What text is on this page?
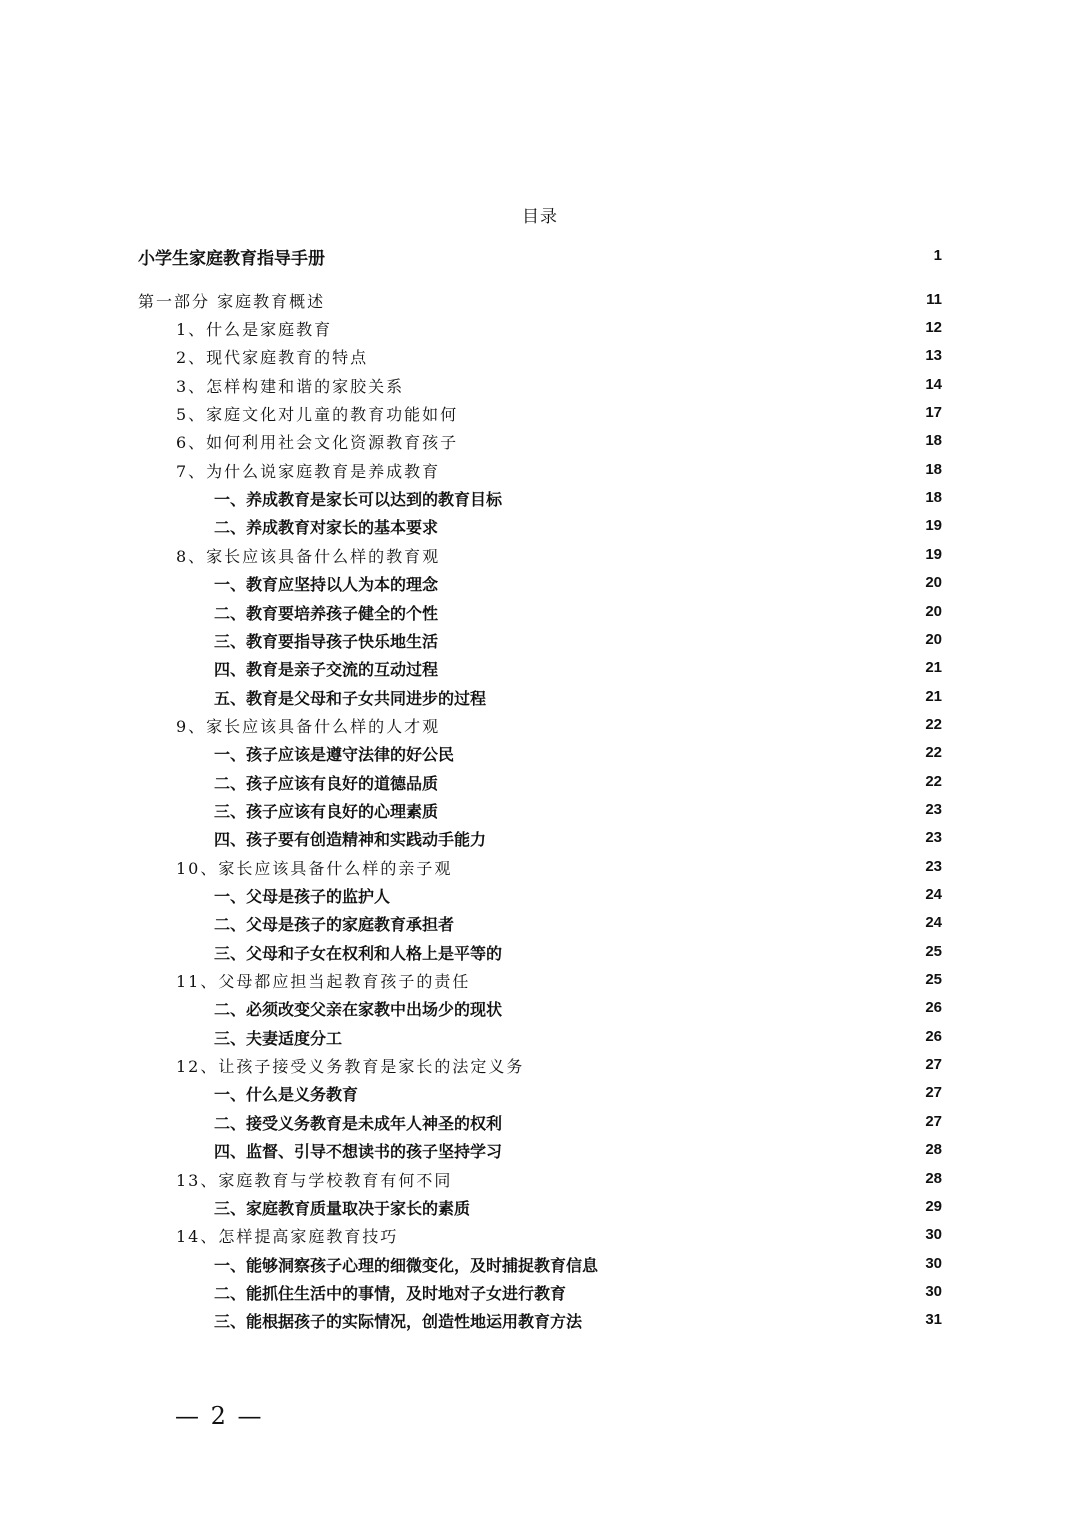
目录
小学生家庭教育指导手册	1
第一部分 家庭教育概述	11
1、什么是家庭教育	12
2、现代家庭教育的特点	13
3、怎样构建和谐的家胶关系	14
5、家庭文化对儿童的教育功能如何	17
6、如何利用社会文化资源教育孩子	18
7、为什么说家庭教育是养成教育	18
一、养成教育是家长可以达到的教育目标	18
二、养成教育对家长的基本要求	19
8、家长应该具备什么样的教育观	19
一、教育应坚持以人为本的理念	20
二、教育要培养孩子健全的个性	20
三、教育要指导孩子快乐地生活	20
四、教育是亲子交流的互动过程	21
五、教育是父母和子女共同进步的过程	21
9、家长应该具备什么样的人才观	22
一、孩子应该是遵守法律的好公民	22
二、孩子应该有良好的道德品质	22
三、孩子应该有良好的心理素质	23
四、孩子要有创造精神和实践动手能力	23
10、家长应该具备什么样的亲子观	23
一、父母是孩子的监护人	24
二、父母是孩子的家庭教育承担者	24
三、父母和子女在权利和人格上是平等的	25
11、父母都应担当起教育孩子的责任	25
二、必须改变父亲在家教中出场少的现状	26
三、夫妻适度分工	26
12、让孩子接受义务教育是家长的法定义务	27
一、什么是义务教育	27
二、接受义务教育是未成年人神圣的权利	27
四、监督、引导不想读书的孩子坚持学习	28
13、家庭教育与学校教育有何不同	28
三、家庭教育质量取决于家长的素质	29
14、怎样提高家庭教育技巧	30
一、能够洞察孩子心理的细微变化，及时捕捉教育信息	30
二、能抓住生活中的事情，及时地对子女进行教育	30
三、能根据孩子的实际情况，创造性地运用教育方法	31
— 2 —
